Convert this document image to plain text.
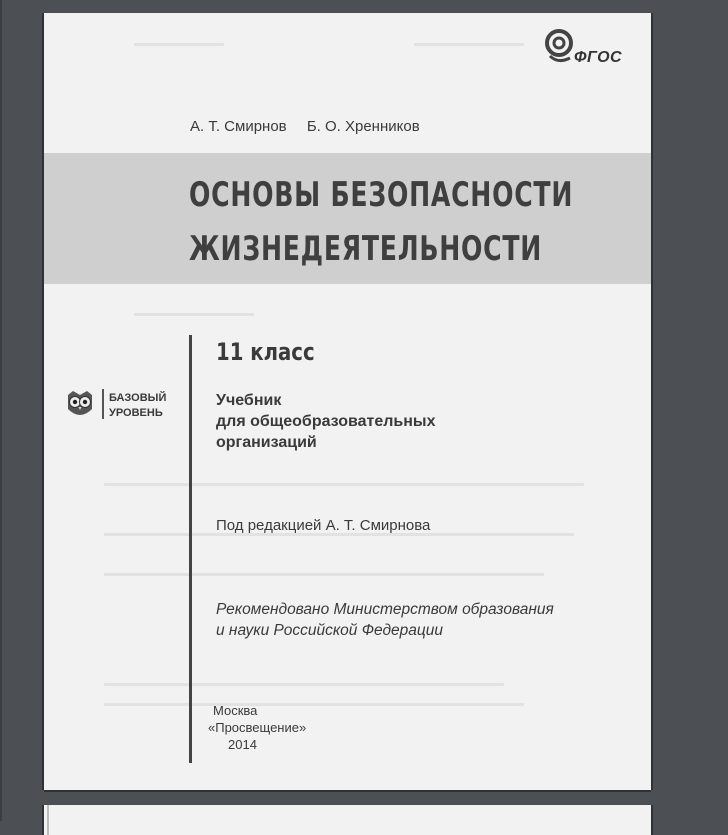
ФГОС
А. Т. Смирнов Б. О. Хренников
ОСНОВЫ БЕЗОПАСНОСТИ
ЖИЗНЕДЕЯТЕЛЬНОСТИ
11 класс
БАЗОВЫЙ
УРОВЕНЬ
Учебник
для общеобразовательных
организаций
Под редакцией А. Т. Смирнова
Рекомендовано Министерством образования
и науки Российской Федерации
Москва
«Просвещение»
2014
